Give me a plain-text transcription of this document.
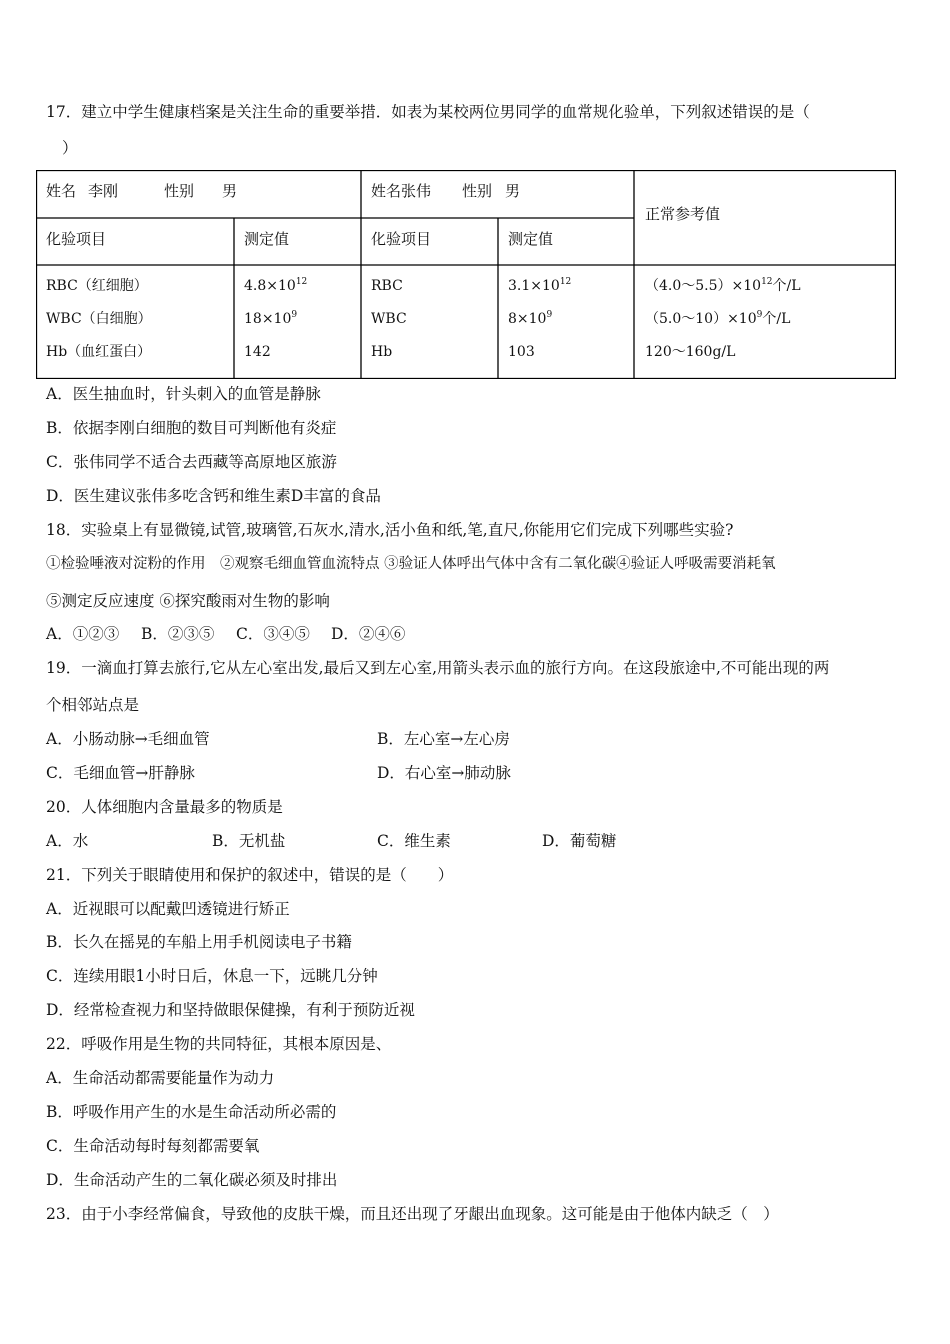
17．建立中学生健康档案是关注生命的重要举措．如表为某校两位男同学的血常规化验单，下列叙述错误的是（
）
姓名 李刚	性别 男	姓名张伟 性别 男
正常参考值
化验项目	测定值	化验项目	测定值
RBC（红细胞）	$4.8\times 10^{12}$	RBC	$3.1\times 10^{12}$	$(4.0\sim 5.5)\times 10^{12}$个/L
WBC（白细胞）	$18\times 10^9$	WBC	$8\times 10^9$	$(5.0\sim 10)\times 10^9$个/L
Hb（血红蛋白）	142	Hb	103	120～160g/L
A．医生抽血时，针头刺入的血管是静脉
B．依据李刚白细胞的数目可判断他有炎症
C．张伟同学不适合去西藏等高原地区旅游
D．医生建议张伟多吃含钙和维生素D丰富的食品
18．实验桌上有显微镜,试管,玻璃管,石灰水,清水,活小鱼和纸,笔,直尺,你能用它们完成下列哪些实验?
①检验唾液对淀粉的作用　②观察毛细血管血流特点 ③验证人体呼出气体中含有二氧化碳④验证人呼吸需要消耗氧
⑤测定反应速度 ⑥探究酸雨对生物的影响
A．①②③ B．②③⑤ C．③④⑤ D．②④⑥
19．一滴血打算去旅行,它从左心室出发,最后又到左心室,用箭头表示血的旅行方向。在这段旅途中,不可能出现的两
个相邻站点是
A．小肠动脉→毛细血管	B．左心室→左心房
C．毛细血管→肝静脉	D．右心室→肺动脉
20．人体细胞内含量最多的物质是
A．水	B．无机盐	C．维生素	D．葡萄糖
21．下列关于眼睛使用和保护的叙述中，错误的是（　　）
A．近视眼可以配戴凹透镜进行矫正
B．长久在摇晃的车船上用手机阅读电子书籍
C．连续用眼1小时日后，休息一下，远眺几分钟
D．经常检查视力和坚持做眼保健操，有利于预防近视
22．呼吸作用是生物的共同特征，其根本原因是、
A．生命活动都需要能量作为动力
B．呼吸作用产生的水是生命活动所必需的
C．生命活动每时每刻都需要氧
D．生命活动产生的二氧化碳必须及时排出
23．由于小李经常偏食，导致他的皮肤干燥，而且还出现了牙龈出血现象。这可能是由于他体内缺乏（　）
